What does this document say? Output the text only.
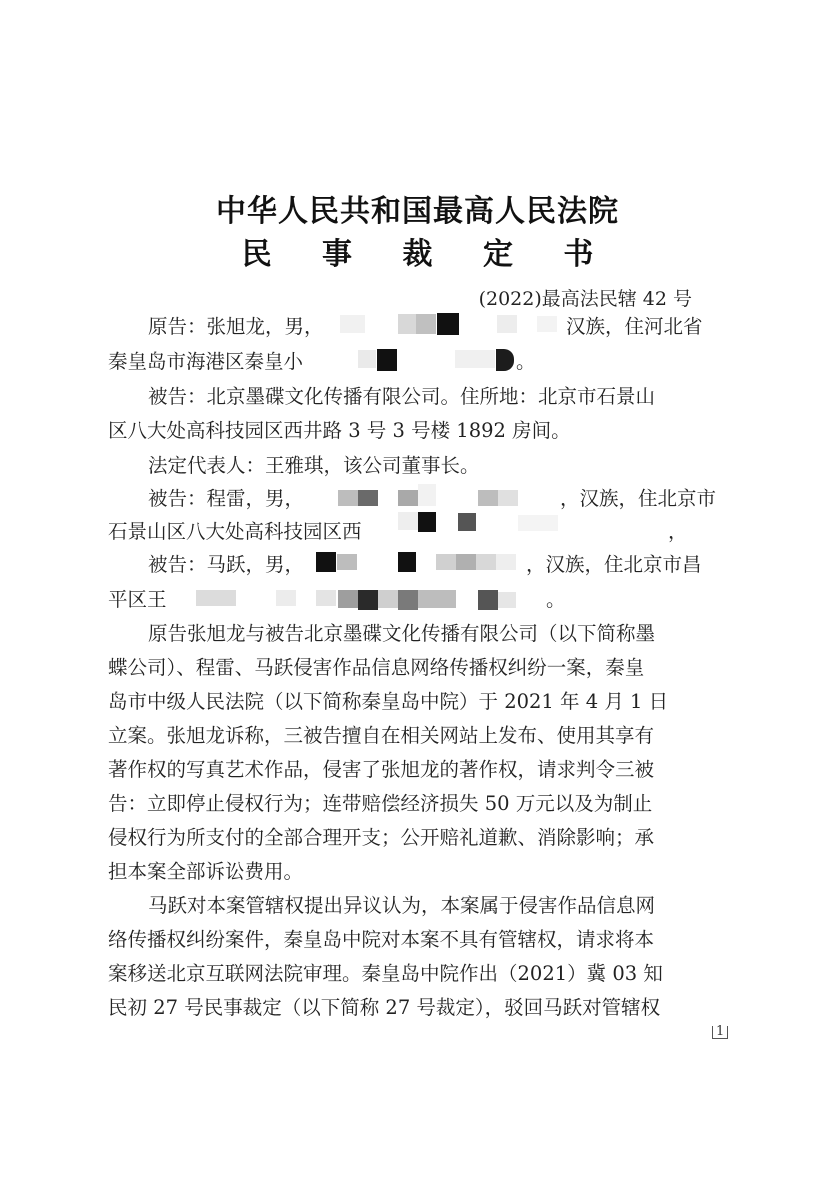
中华人民共和国最高人民法院
民 事 裁 定 书
(2022)最高法民辖 42 号
原告：张旭龙，男，	汉族，住河北省
秦皇岛市海港区秦皇小	。
被告：北京墨碟文化传播有限公司。住所地：北京市石景山
区八大处高科技园区西井路 3 号 3 号楼 1892 房间。
法定代表人：王雅琪，该公司董事长。
被告：程雷，男，	，汉族，住北京市
石景山区八大处高科技园区西	，
被告：马跃，男，	，汉族，住北京市昌
平区王	。
原告张旭龙与被告北京墨碟文化传播有限公司（以下简称墨
蝶公司）、程雷、马跃侵害作品信息网络传播权纠纷一案，秦皇
岛市中级人民法院（以下简称秦皇岛中院）于 2021 年 4 月 1 日
立案。张旭龙诉称，三被告擅自在相关网站上发布、使用其享有
著作权的写真艺术作品，侵害了张旭龙的著作权，请求判令三被
告：立即停止侵权行为；连带赔偿经济损失 50 万元以及为制止
侵权行为所支付的全部合理开支；公开赔礼道歉、消除影响；承
担本案全部诉讼费用。
马跃对本案管辖权提出异议认为，本案属于侵害作品信息网
络传播权纠纷案件，秦皇岛中院对本案不具有管辖权，请求将本
案移送北京互联网法院审理。秦皇岛中院作出（2021）冀 03 知
民初 27 号民事裁定（以下简称 27 号裁定），驳回马跃对管辖权
1
